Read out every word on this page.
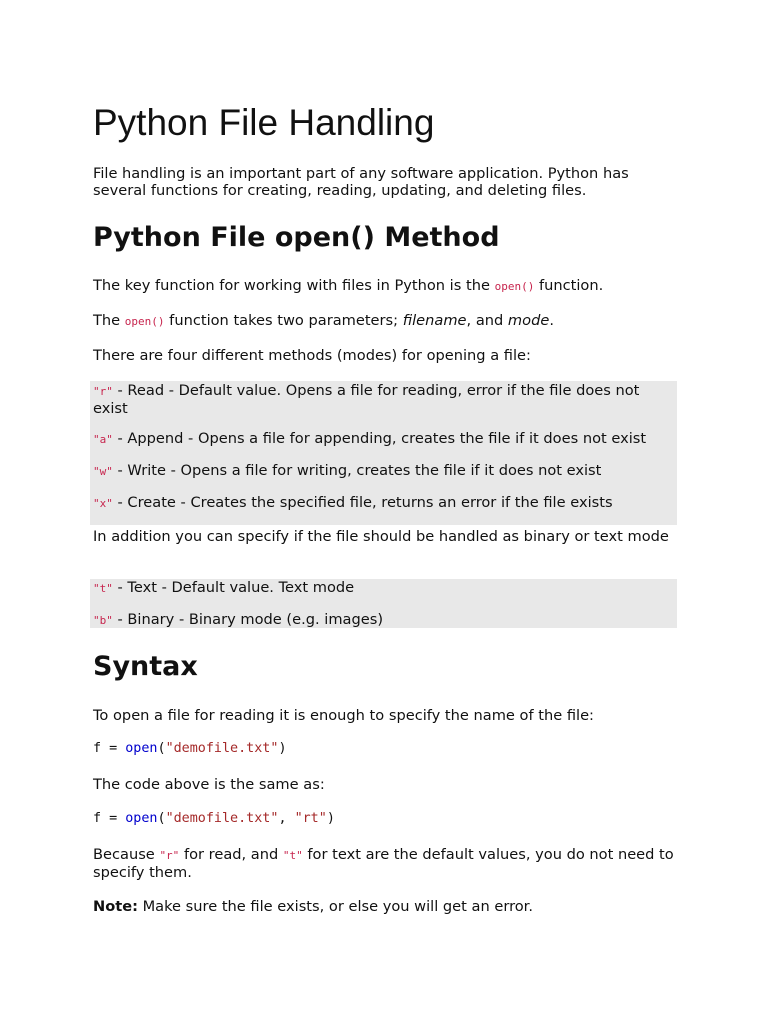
Python File Handling
File handling is an important part of any software application. Python has several functions for creating, reading, updating, and deleting files.
Python File open() Method
The key function for working with files in Python is the open() function.
The open() function takes two parameters; filename, and mode.
There are four different methods (modes) for opening a file:
"r" - Read - Default value. Opens a file for reading, error if the file does not exist
"a" - Append - Opens a file for appending, creates the file if it does not exist
"w" - Write - Opens a file for writing, creates the file if it does not exist
"x" - Create - Creates the specified file, returns an error if the file exists
In addition you can specify if the file should be handled as binary or text mode
"t" - Text - Default value. Text mode
"b" - Binary - Binary mode (e.g. images)
Syntax
To open a file for reading it is enough to specify the name of the file:
f = open("demofile.txt")
The code above is the same as:
f = open("demofile.txt", "rt")
Because "r" for read, and "t" for text are the default values, you do not need to specify them.
Note: Make sure the file exists, or else you will get an error.
